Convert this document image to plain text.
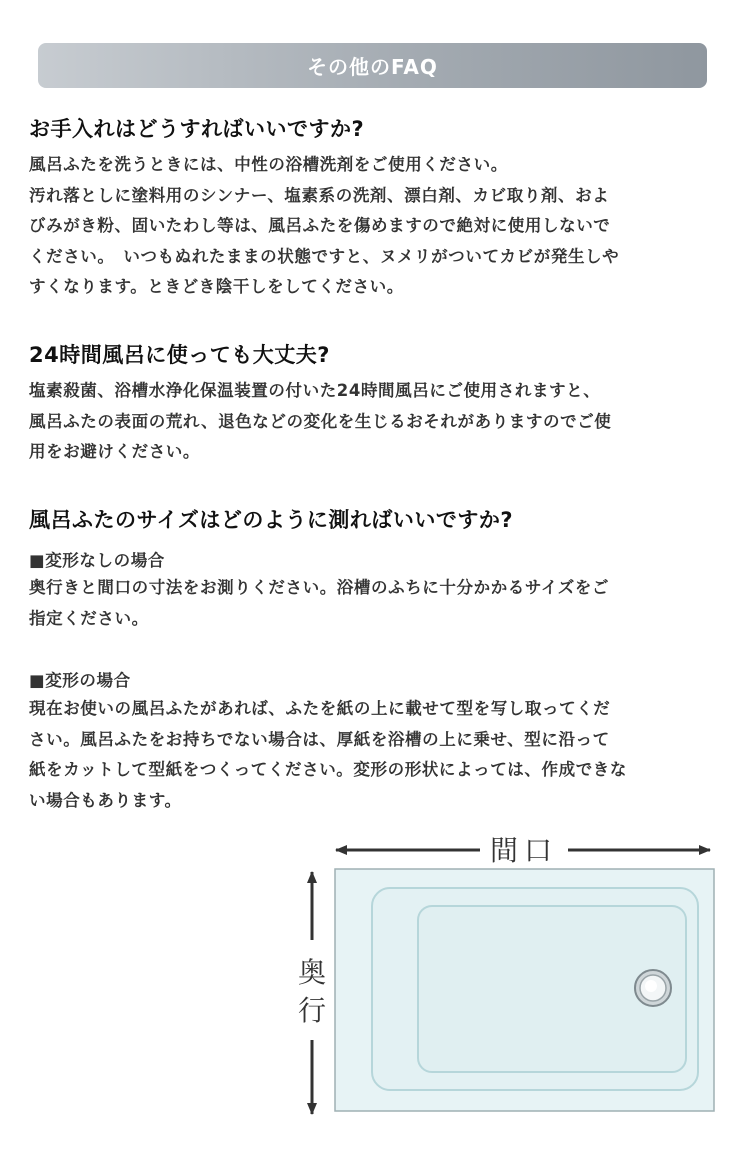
その他のFAQ
お手入れはどうすればいいですか?

風呂ふたを洗うときには、中性の浴槽洗剤をご使用ください。
汚れ落としに塗料用のシンナー、塩素系の洗剤、漂白剤、カビ取り剤、およ
びみがき粉、固いたわし等は、風呂ふたを傷めますので絶対に使用しないで
ください。　いつもぬれたままの状態ですと、ヌメリがついてカビが発生しや
すくなります。ときどき陰干しをしてください。

24時間風呂に使っても大丈夫?

塩素殺菌、浴槽水浄化保温装置の付いた24時間風呂にご使用されますと、
風呂ふたの表面の荒れ、退色などの変化を生じるおそれがありますのでご使
用をお避けください。

風呂ふたのサイズはどのように測ればいいですか?
■変形なしの場合

奥行きと間口の寸法をお測りください。浴槽のふちに十分かかるサイズをご
指定ください。

■変形の場合

現在お使いの風呂ふたがあれば、ふたを紙の上に載せて型を写し取ってくだ
さい。風呂ふたをお持ちでない場合は、厚紙を浴槽の上に乗せ、型に沿って
紙をカットして型紙をつくってください。変形の形状によっては、作成できな
い場合もあります。

間口
奥
行
